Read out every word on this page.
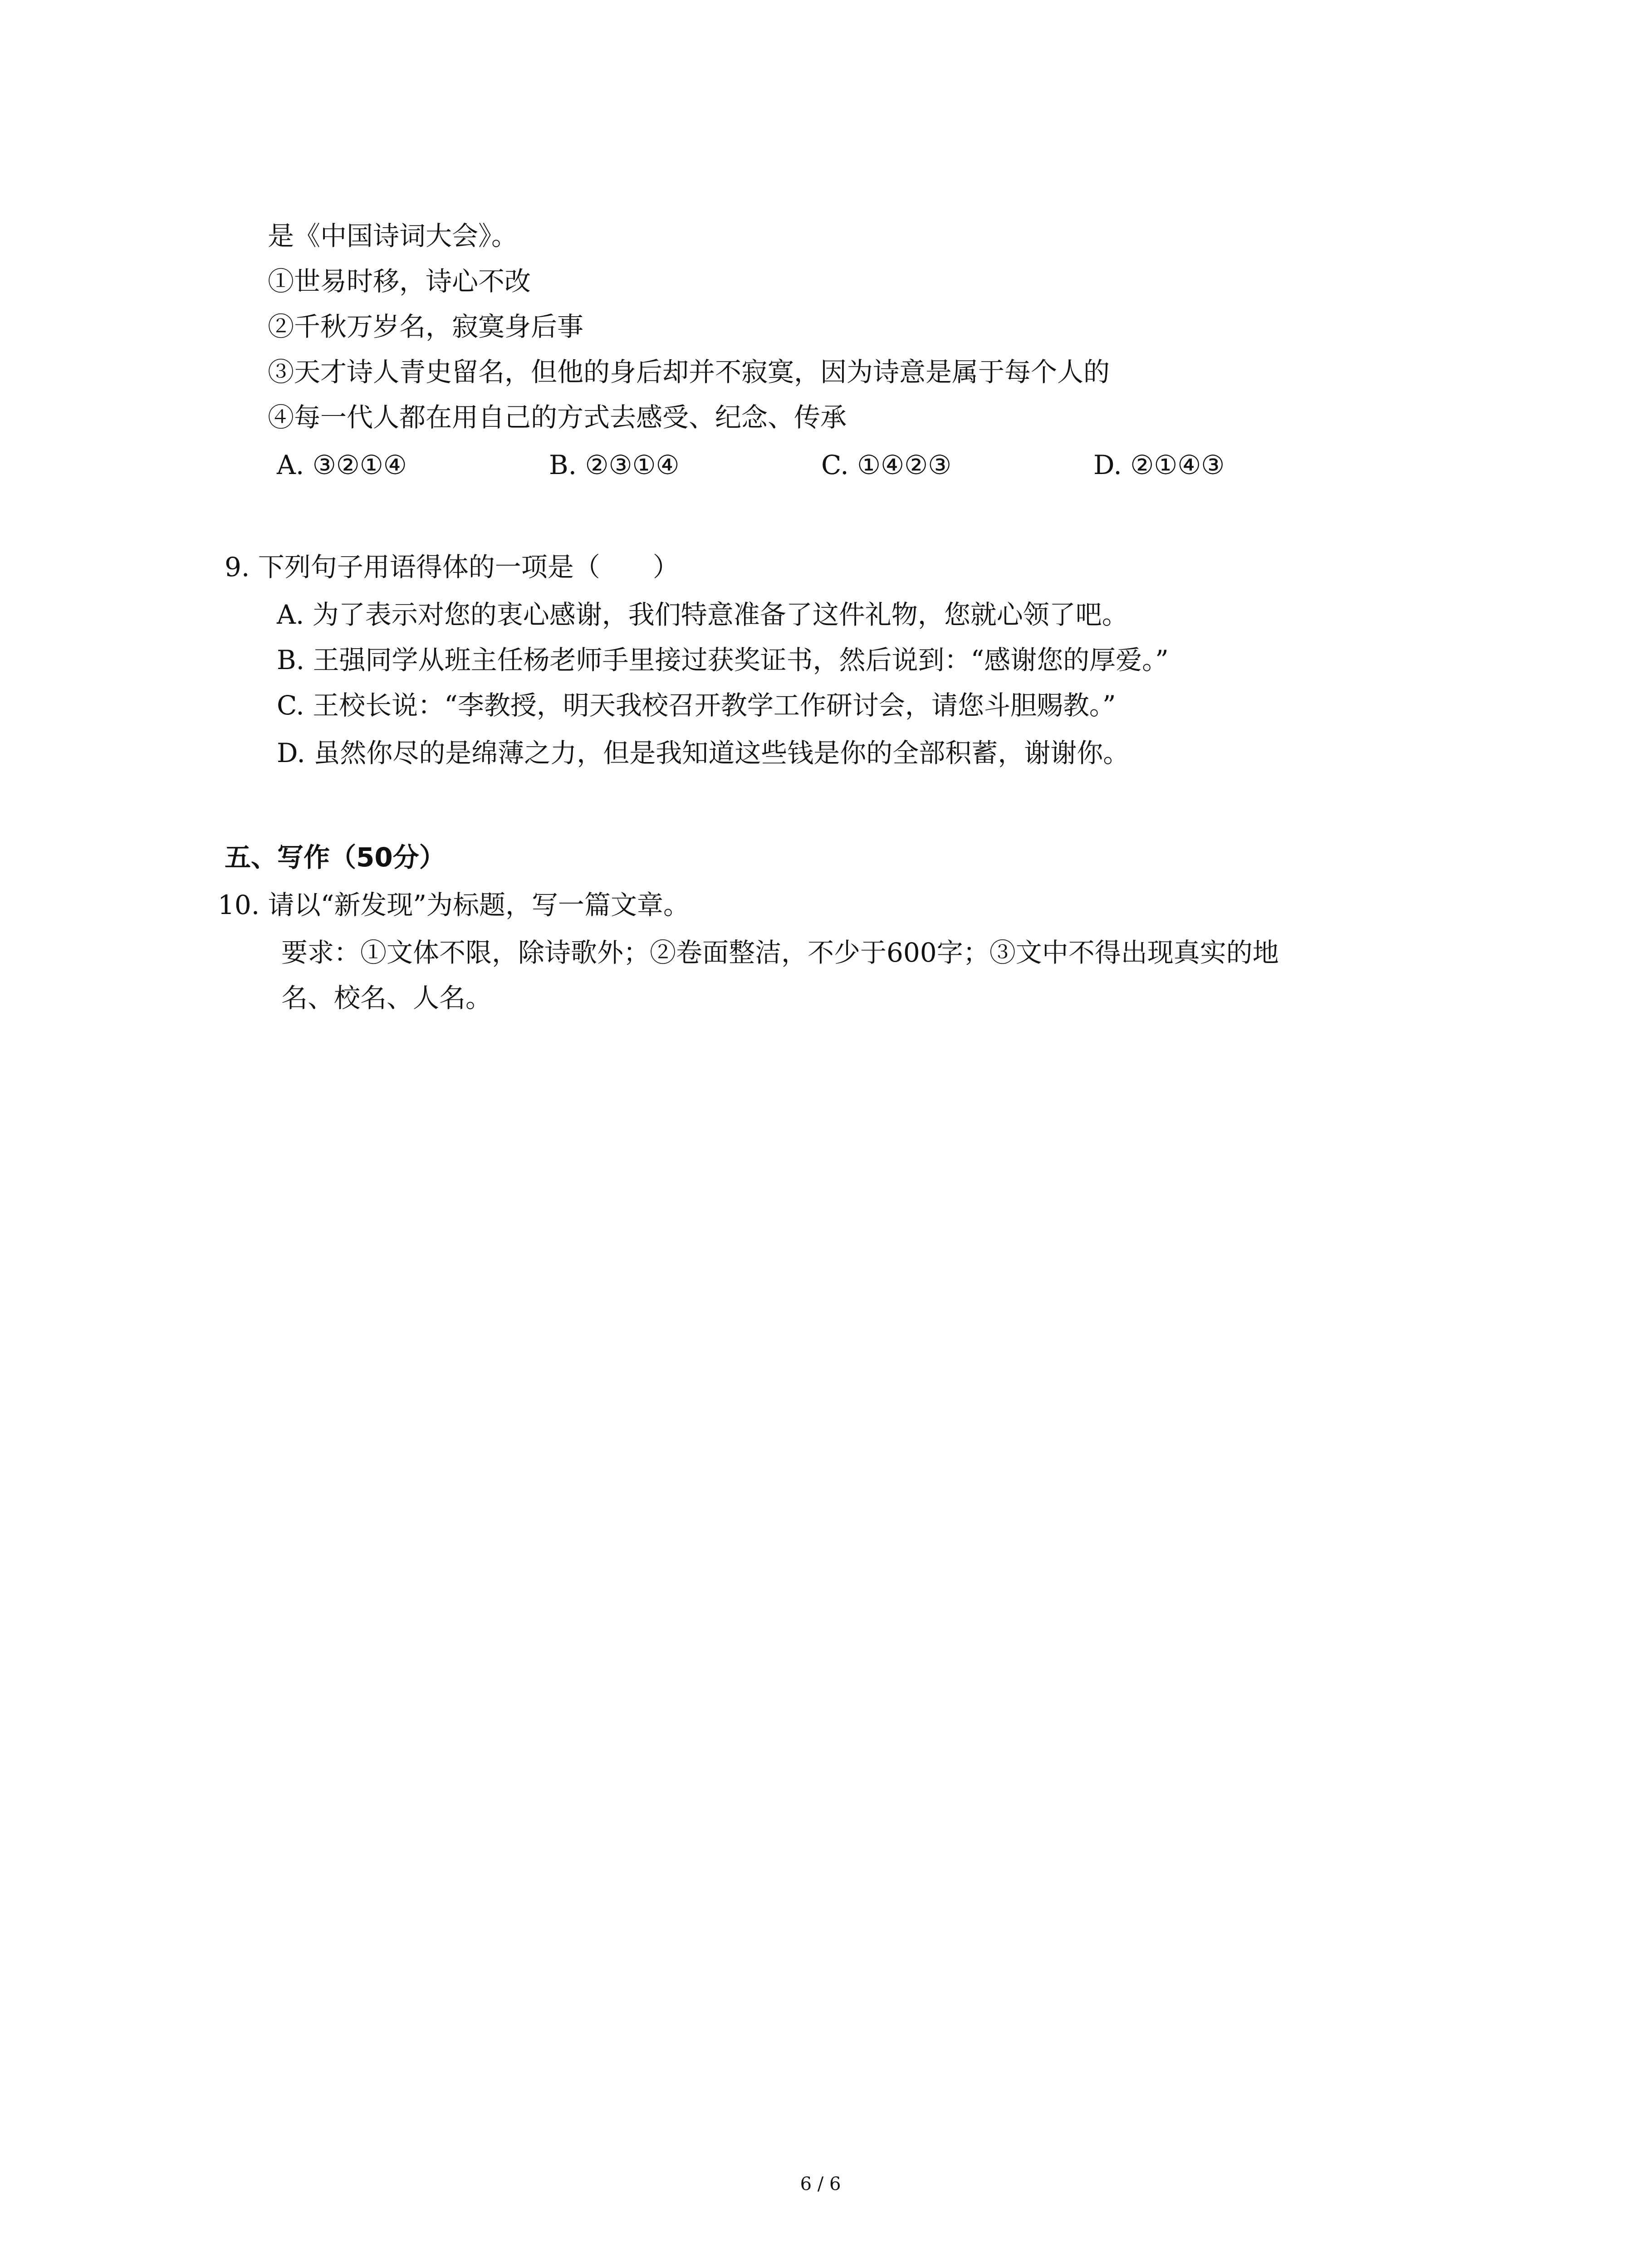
是《中国诗词大会》。
①世易时移，诗心不改
②千秋万岁名，寂寞身后事
③天才诗人青史留名，但他的身后却并不寂寞，因为诗意是属于每个人的
④每一代人都在用自己的方式去感受、纪念、传承
A. ③②①④	B. ②③①④	C. ①④②③	D. ②①④③
9. 下列句子用语得体的一项是（　　）
A. 为了表示对您的衷心感谢，我们特意准备了这件礼物，您就心领了吧。
B. 王强同学从班主任杨老师手里接过获奖证书，然后说到：“感谢您的厚爱。”
C. 王校长说：“李教授，明天我校召开教学工作研讨会，请您斗胆赐教。”
D. 虽然你尽的是绵薄之力，但是我知道这些钱是你的全部积蓄，谢谢你。
五、写作（50分）
10. 请以“新发现”为标题，写一篇文章。
要求：①文体不限，除诗歌外；②卷面整洁，不少于600字；③文中不得出现真实的地
名、校名、人名。
6 / 6
